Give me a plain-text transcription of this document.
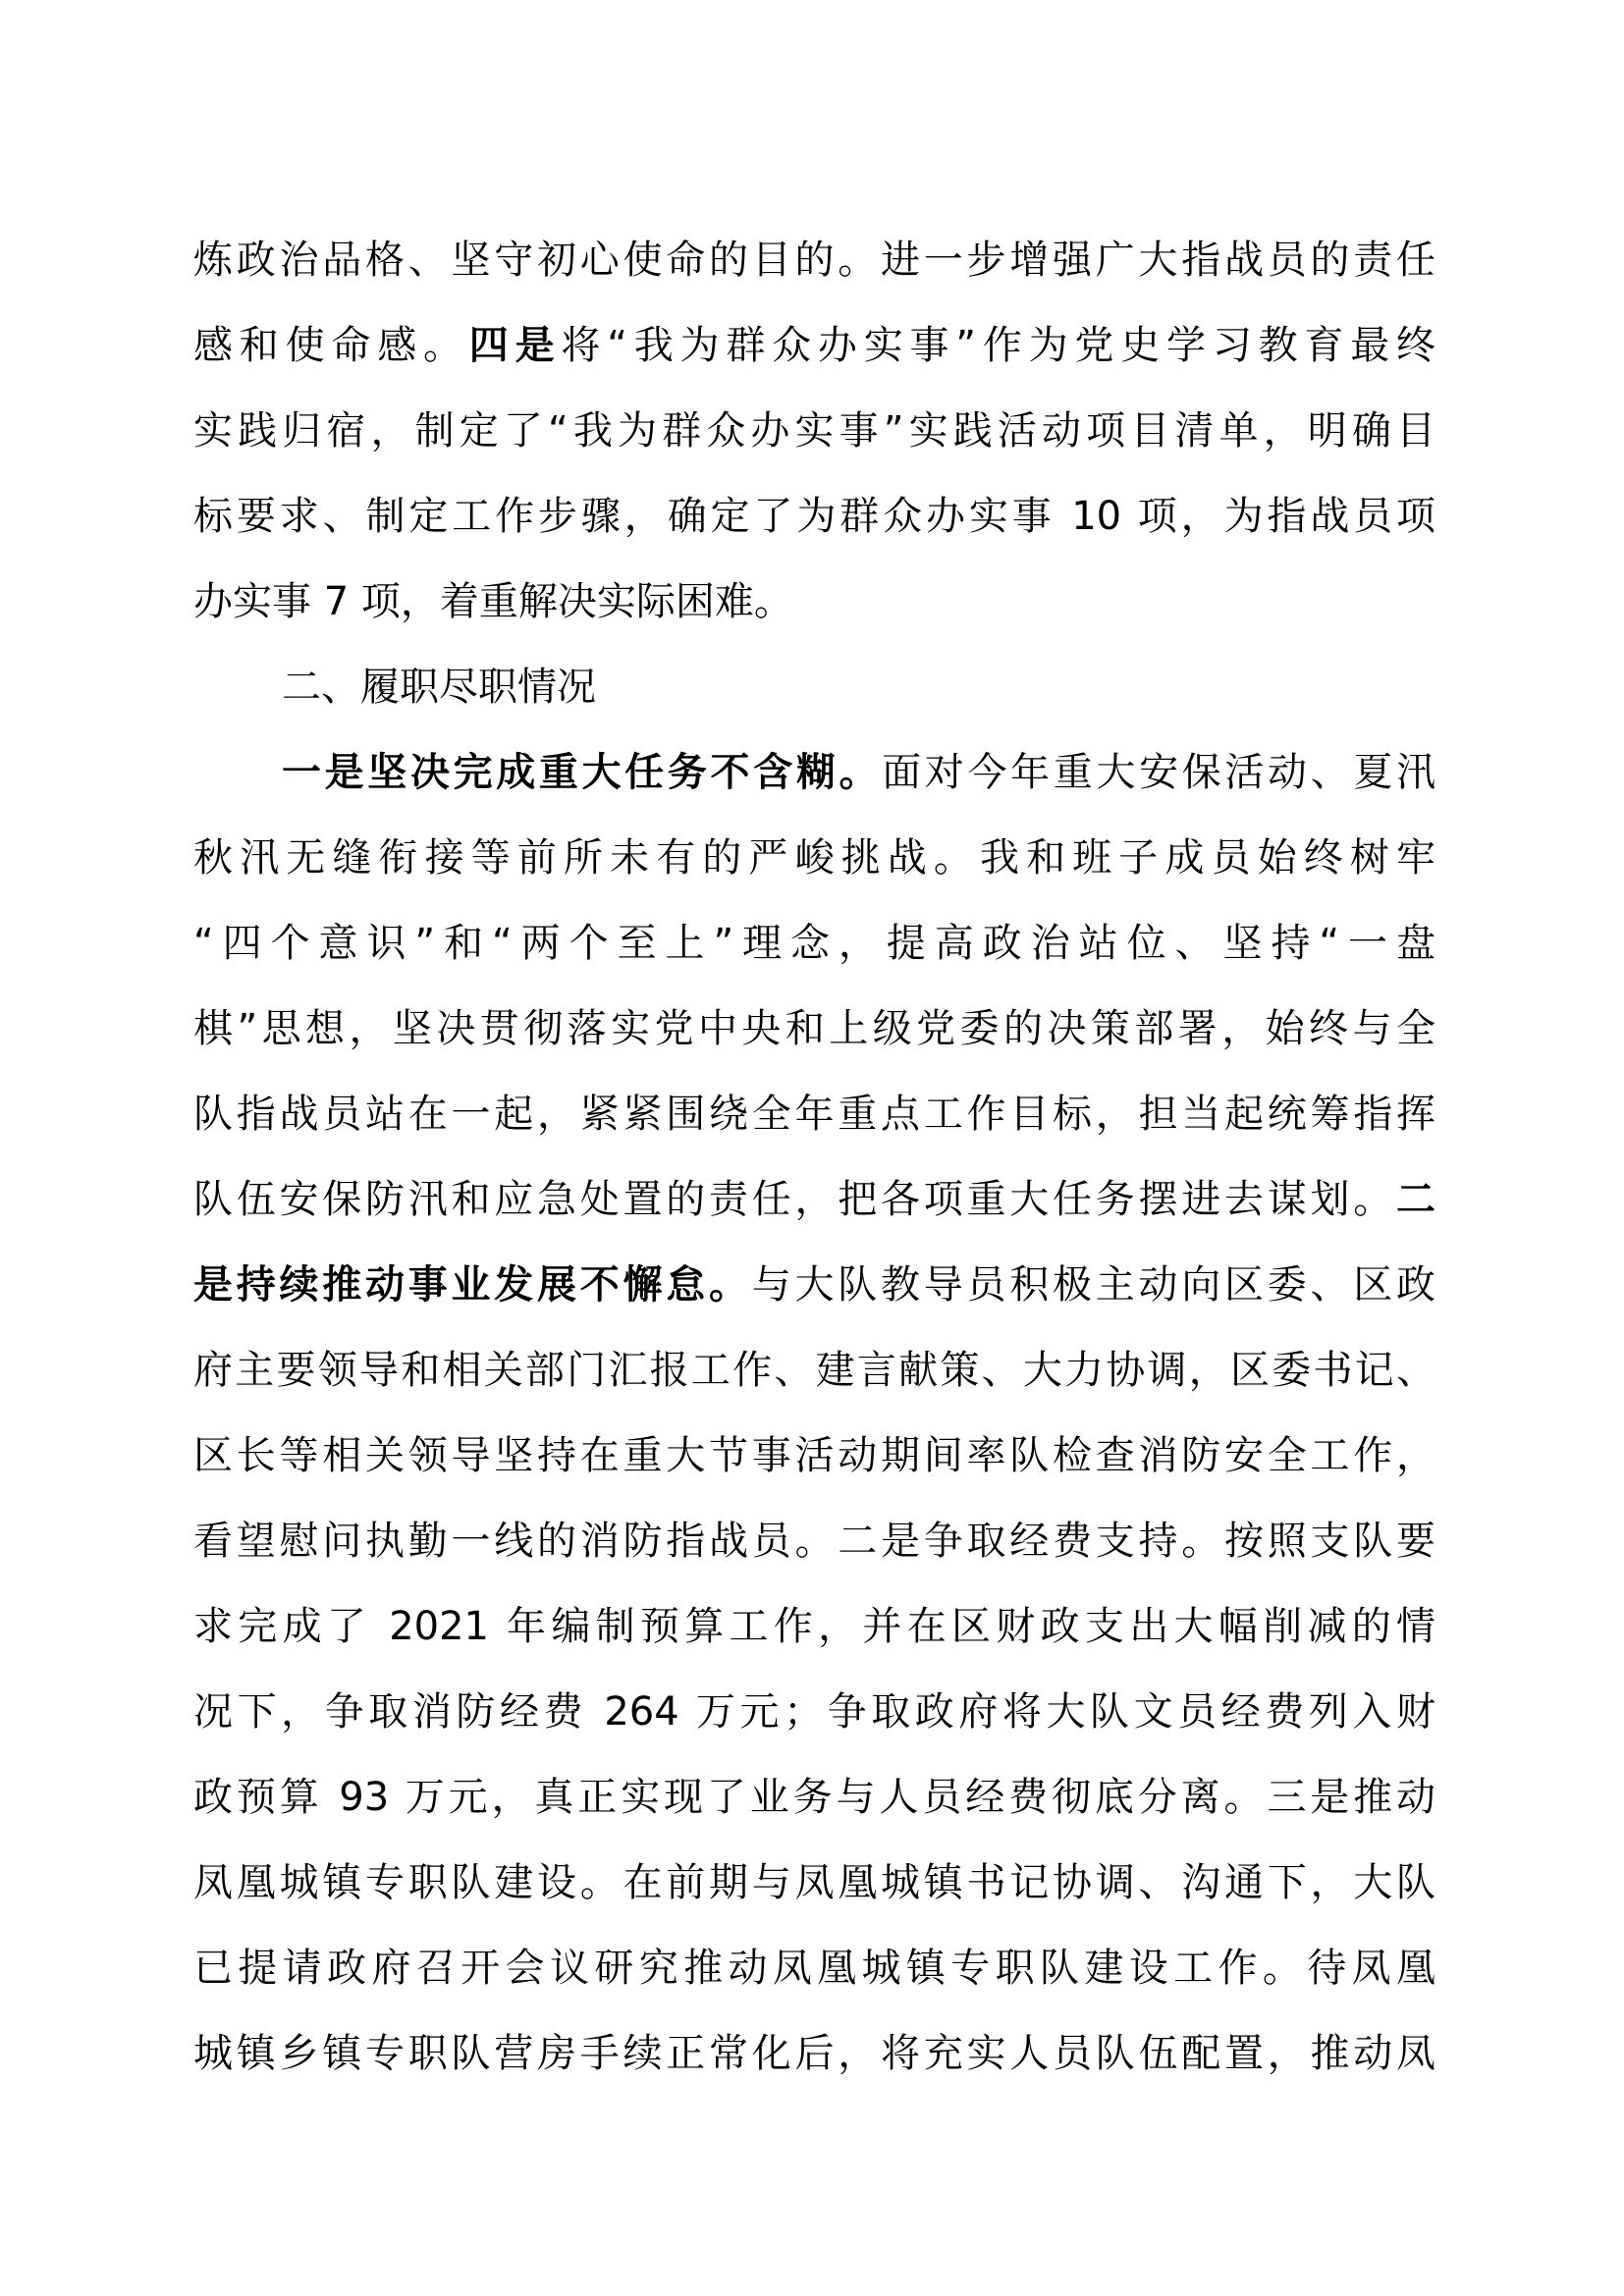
炼政治品格、坚守初心使命的目的。进一步增强广大指战员的责任
感和使命感。四是将“我为群众办实事”作为党史学习教育最终
实践归宿，制定了“我为群众办实事”实践活动项目清单，明确目
标要求、制定工作步骤，确定了为群众办实事 10 项，为指战员项
办实事 7 项，着重解决实际困难。
二、履职尽职情况
一是坚决完成重大任务不含糊。面对今年重大安保活动、夏汛
秋汛无缝衔接等前所未有的严峻挑战。我和班子成员始终树牢
“四个意识”和“两个至上”理念，提高政治站位、坚持“一盘
棋”思想，坚决贯彻落实党中央和上级党委的决策部署，始终与全
队指战员站在一起，紧紧围绕全年重点工作目标，担当起统筹指挥
队伍安保防汛和应急处置的责任，把各项重大任务摆进去谋划。二
是持续推动事业发展不懈怠。与大队教导员积极主动向区委、区政
府主要领导和相关部门汇报工作、建言献策、大力协调，区委书记、
区长等相关领导坚持在重大节事活动期间率队检查消防安全工作，
看望慰问执勤一线的消防指战员。二是争取经费支持。按照支队要
求完成了 2021 年编制预算工作，并在区财政支出大幅削减的情
况下，争取消防经费 264 万元；争取政府将大队文员经费列入财
政预算 93 万元，真正实现了业务与人员经费彻底分离。三是推动
凤凰城镇专职队建设。在前期与凤凰城镇书记协调、沟通下，大队
已提请政府召开会议研究推动凤凰城镇专职队建设工作。待凤凰
城镇乡镇专职队营房手续正常化后，将充实人员队伍配置，推动凤
